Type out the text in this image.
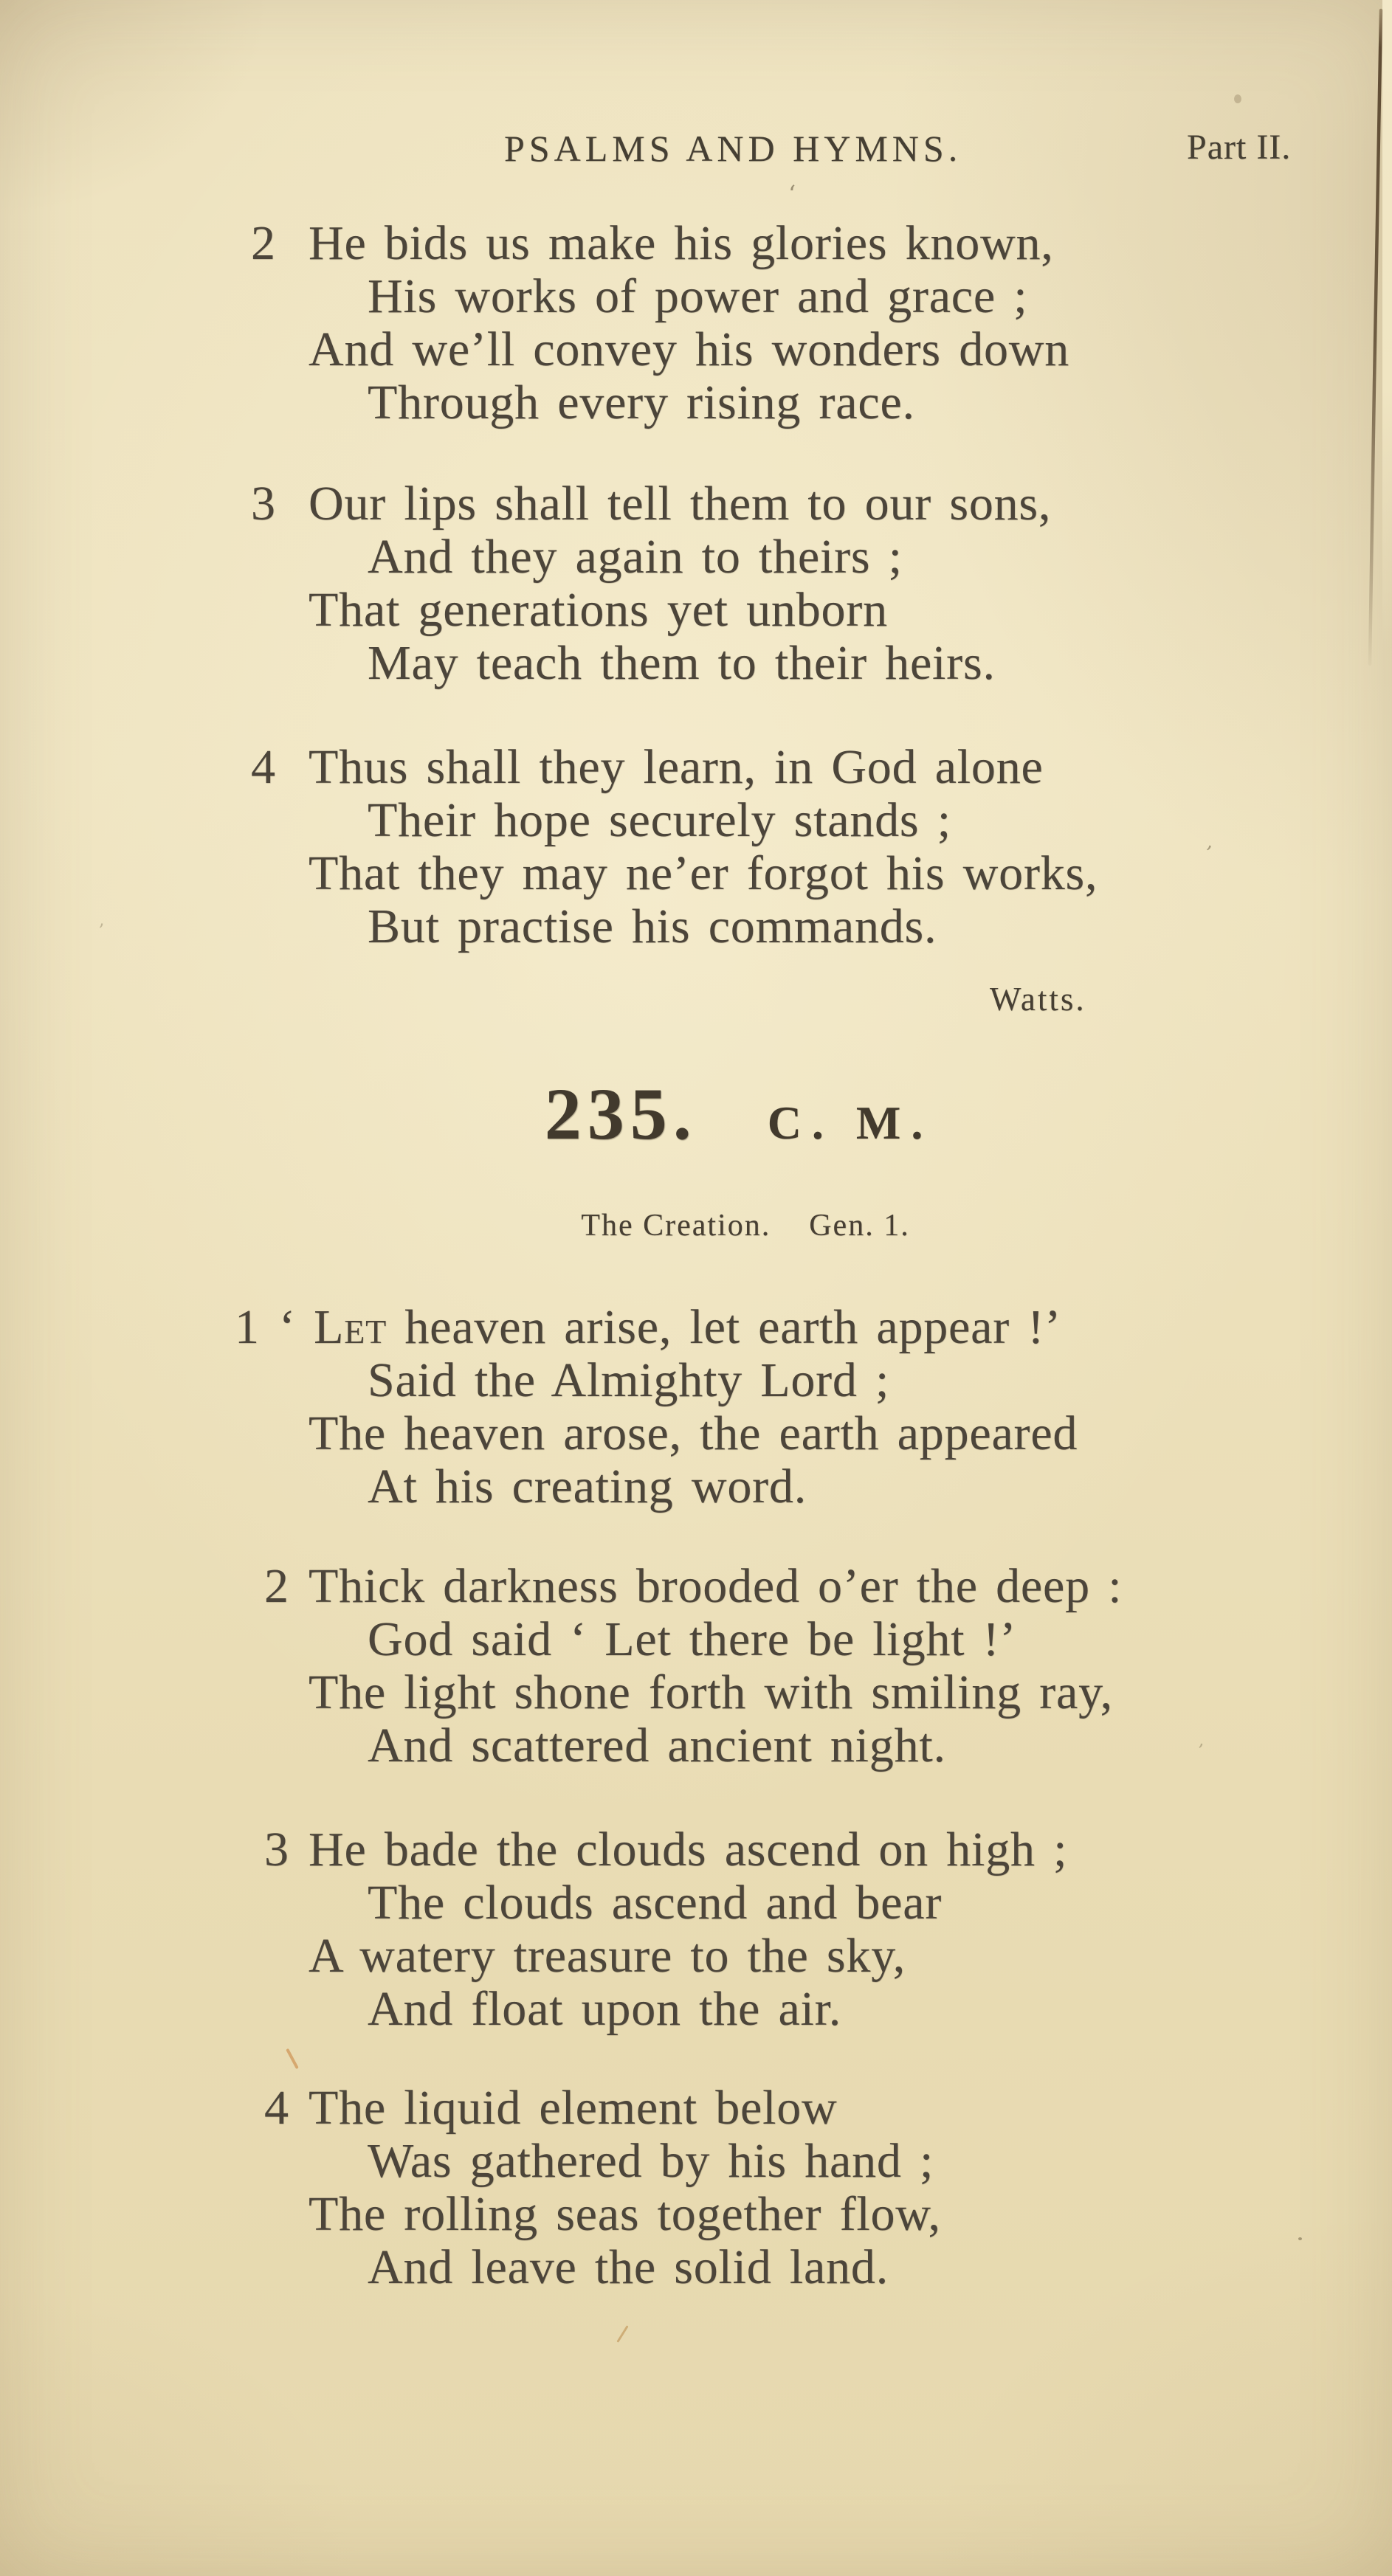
PSALMS AND HYMNS.	Part II.
2 He bids us make his glories known,
His works of power and grace ;
And we’ll convey his wonders down
Through every rising race.
3 Our lips shall tell them to our sons,
And they again to theirs ;
That generations yet unborn
May teach them to their heirs.
4 Thus shall they learn, in God alone
Their hope securely stands ;
That they may ne’er forgot his works,
But practise his commands.
Watts.
235. C. M.
The Creation. Gen. 1.
1 ‘ Let heaven arise, let earth appear !’
Said the Almighty Lord ;
The heaven arose, the earth appeared
At his creating word.
2 Thick darkness brooded o’er the deep :
God said ‘ Let there be light !’
The light shone forth with smiling ray,
And scattered ancient night.
3 He bade the clouds ascend on high ;
The clouds ascend and bear
A watery treasure to the sky,
And float upon the air.
4 The liquid element below
Was gathered by his hand ;
The rolling seas together flow,
And leave the solid land.
‘
’
’
,
